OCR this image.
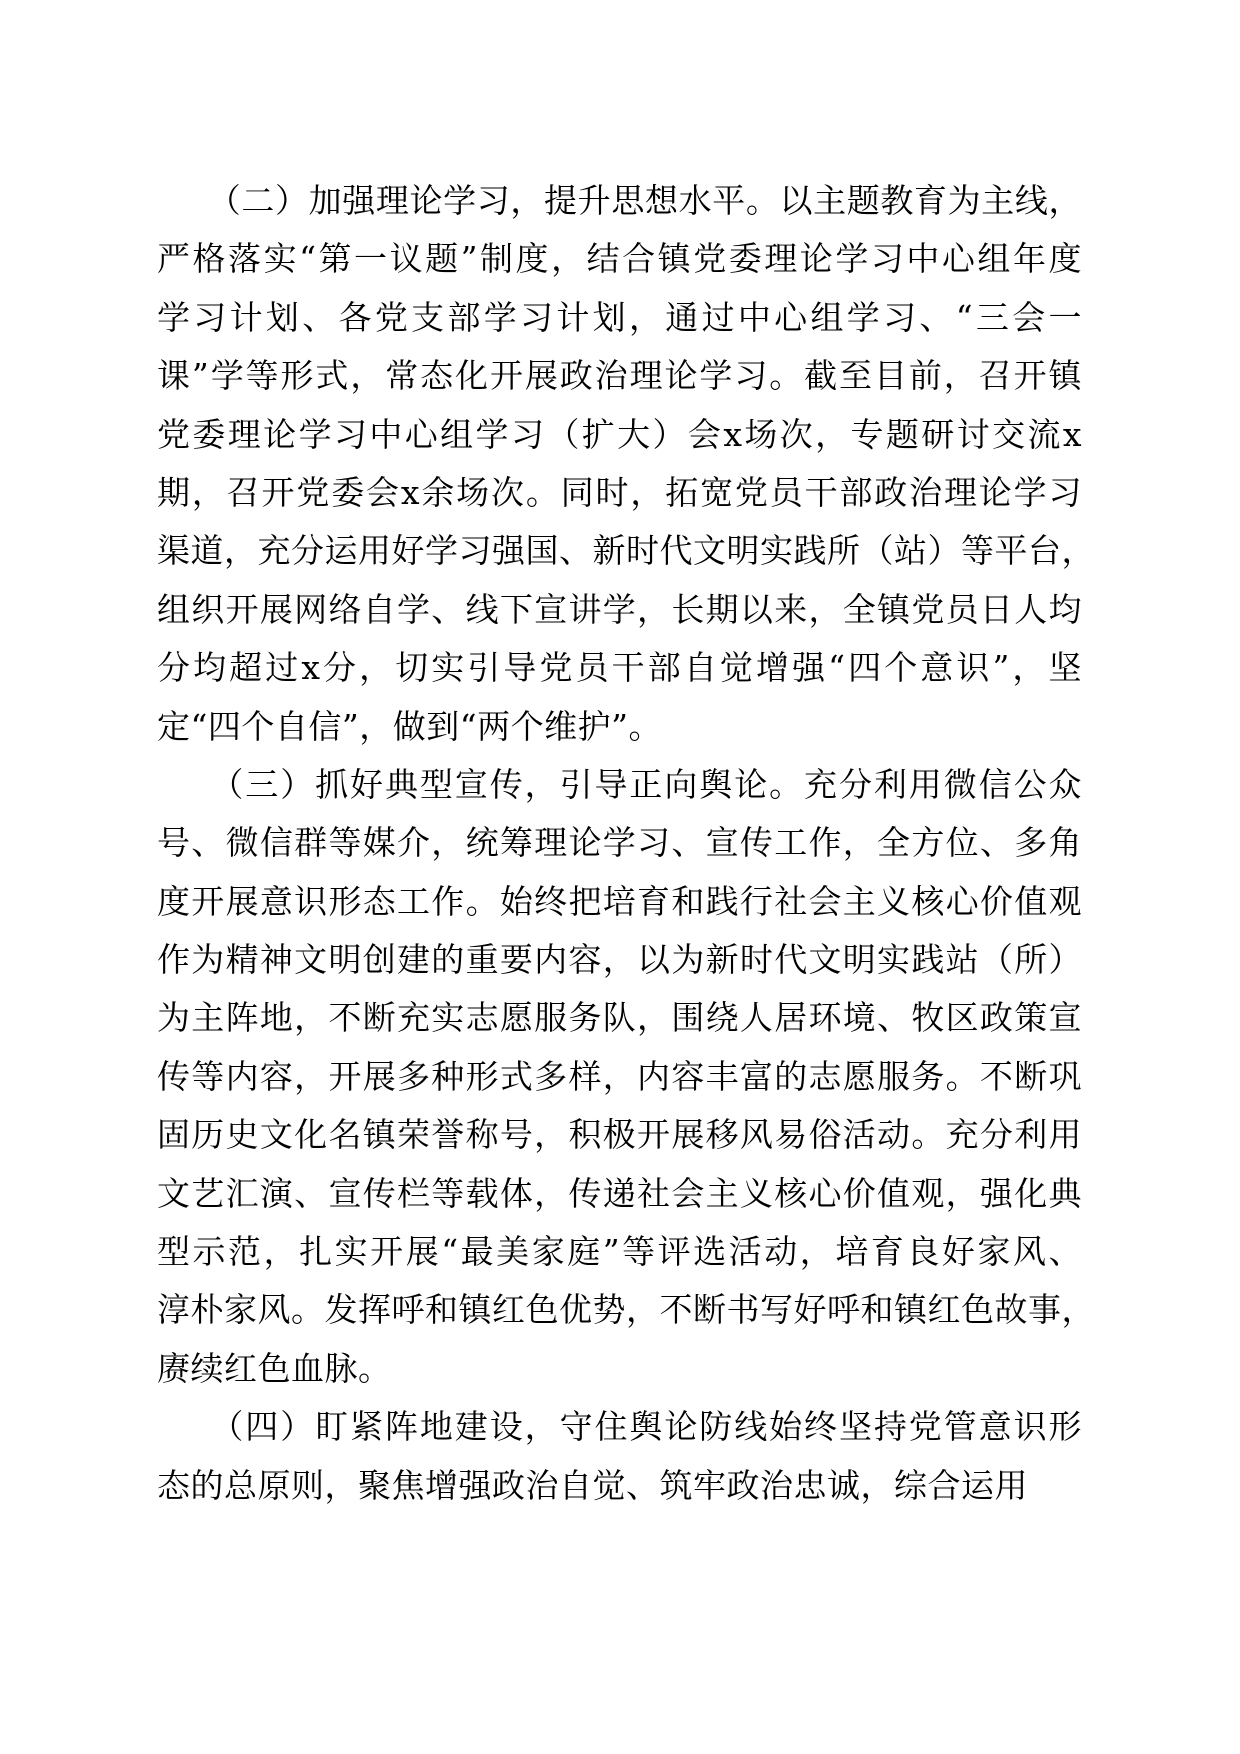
　　（二）加强理论学习，提升思想水平。以主题教育为主线，
严格落实“第一议题”制度，结合镇党委理论学习中心组年度
学习计划、各党支部学习计划，通过中心组学习、“三会一
课”学等形式，常态化开展政治理论学习。截至目前，召开镇
党委理论学习中心组学习（扩大）会x场次，专题研讨交流x
期，召开党委会x余场次。同时，拓宽党员干部政治理论学习
渠道，充分运用好学习强国、新时代文明实践所（站）等平台，
组织开展网络自学、线下宣讲学，长期以来，全镇党员日人均
分均超过x分，切实引导党员干部自觉增强“四个意识”，坚
定“四个自信”，做到“两个维护”。
　　（三）抓好典型宣传，引导正向舆论。充分利用微信公众
号、微信群等媒介，统筹理论学习、宣传工作，全方位、多角
度开展意识形态工作。始终把培育和践行社会主义核心价值观
作为精神文明创建的重要内容，以为新时代文明实践站（所）
为主阵地，不断充实志愿服务队，围绕人居环境、牧区政策宣
传等内容，开展多种形式多样，内容丰富的志愿服务。不断巩
固历史文化名镇荣誉称号，积极开展移风易俗活动。充分利用
文艺汇演、宣传栏等载体，传递社会主义核心价值观，强化典
型示范，扎实开展“最美家庭”等评选活动，培育良好家风、
淳朴家风。发挥呼和镇红色优势，不断书写好呼和镇红色故事，
赓续红色血脉。
　　（四）盯紧阵地建设，守住舆论防线始终坚持党管意识形
态的总原则，聚焦增强政治自觉、筑牢政治忠诚，综合运用
